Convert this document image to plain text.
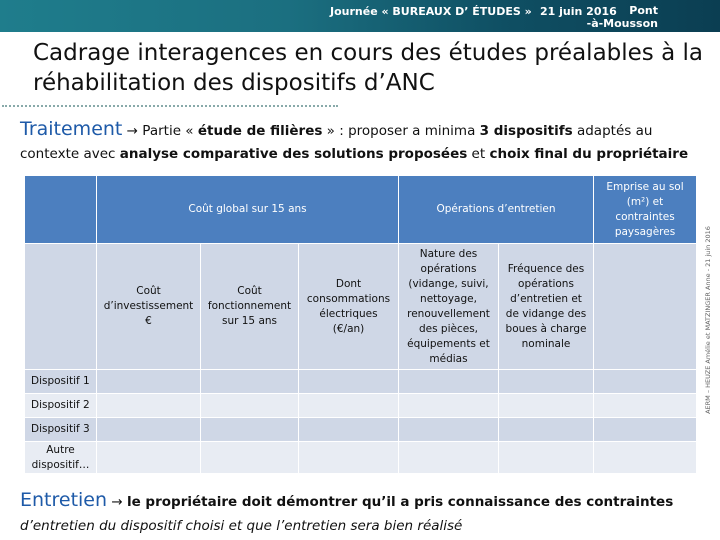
Journée « BUREAUX D’ ÉTUDES » 21 juin 2016	Pont
-à-Mousson (54)
Cadrage interagences en cours des études préalables à la réhabilitation des dispositifs d’ANC
Traitement → Partie « étude de filières » : proposer a minima 3 dispositifs adaptés au
contexte avec analyse comparative des solutions proposées et choix final du propriétaire
	Coût global sur 15 ans			Opérations d’entretien		Emprise au sol (m²) et contraintes paysagères
	Coût d’investissement €	Coût fonctionnement sur 15 ans	Dont consommations électriques (€/an)	Nature des opérations (vidange, suivi, nettoyage, renouvellement des pièces, équipements et médias	Fréquence des opérations d’entretien et de vidange des boues à charge nominale	
Dispositif 1						
Dispositif 2						
Dispositif 3						
Autre dispositif…						
AERM – HEUZE Amélie et MATZINGER Anne - 21 juin 2016
Entretien → le propriétaire doit démontrer qu’il a pris connaissance des contraintes
d’entretien du dispositif choisi et que l’entretien sera bien réalisé
